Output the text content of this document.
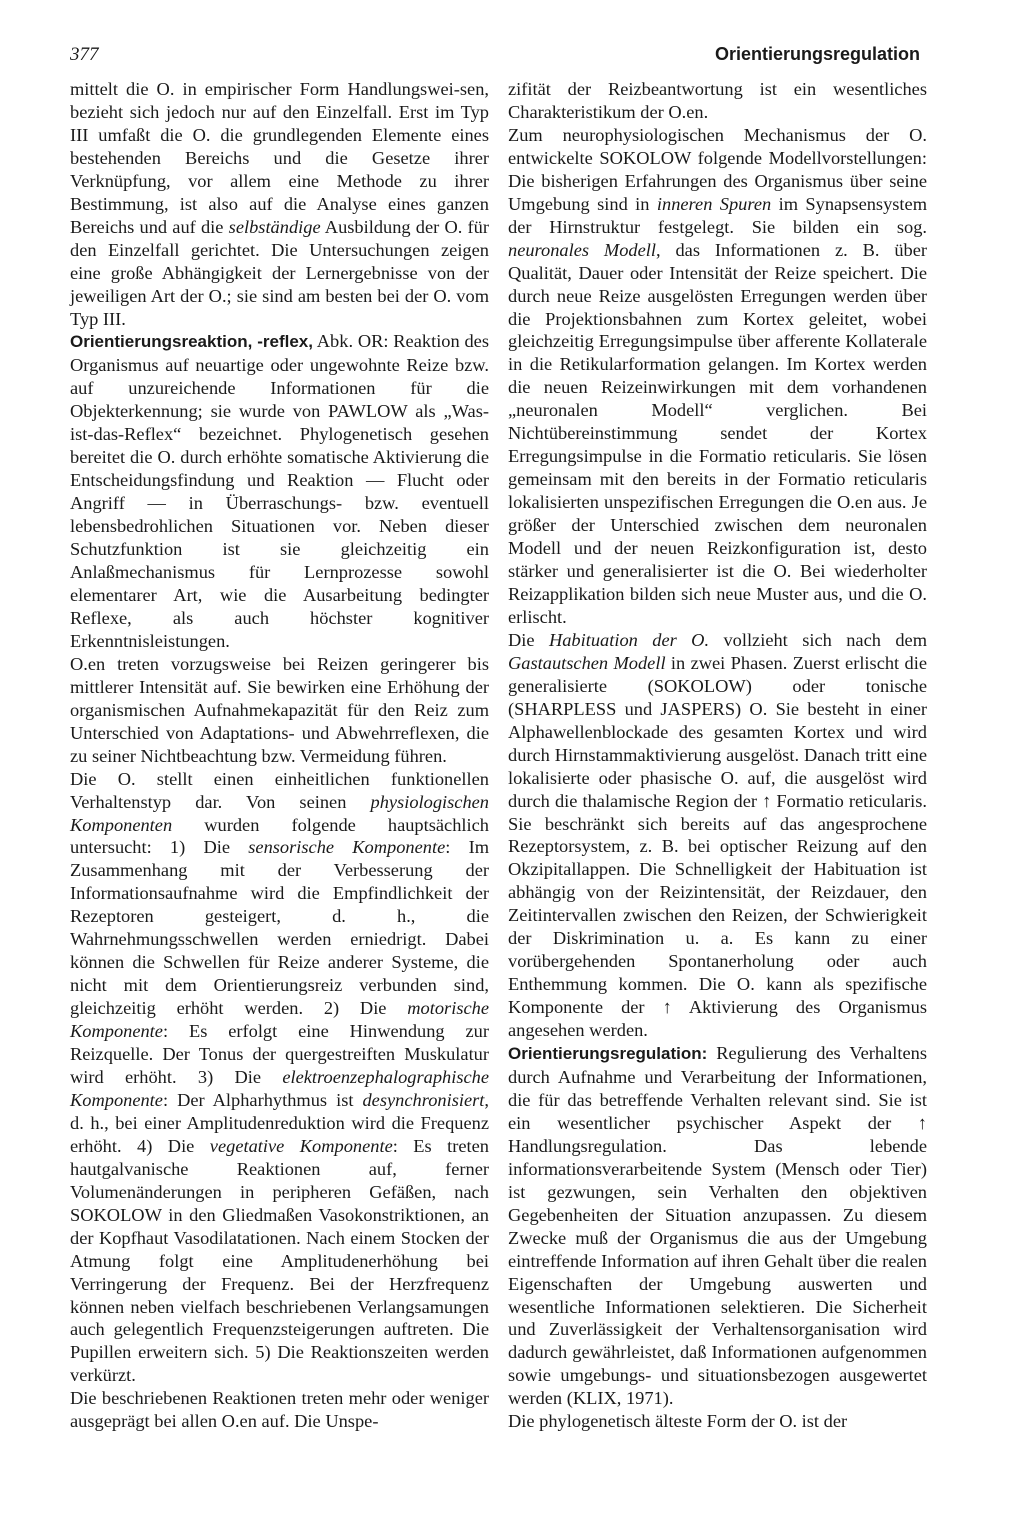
377	Orientierungsregulation

mittelt die O. in empirischer Form Handlungswei-sen, bezieht sich jedoch nur auf den Einzelfall. Erst im Typ III umfaßt die O. die grundlegenden Elemente eines bestehenden Bereichs und die Gesetze ihrer Verknüpfung, vor allem eine Methode zu ihrer Bestimmung, ist also auf die Analyse eines ganzen Bereichs und auf die selbständige Ausbildung der O. für den Einzelfall gerichtet. Die Untersuchungen zeigen eine große Abhängigkeit der Lernergebnisse von der jeweiligen Art der O.; sie sind am besten bei der O. vom Typ III.

Orientierungsreaktion, -reflex, Abk. OR: Reaktion des Organismus auf neuartige oder ungewohnte Reize bzw. auf unzureichende Informationen für die Objekterkennung; sie wurde von PAWLOW als „Was-ist-das-Reflex“ bezeichnet. Phylogenetisch gesehen bereitet die O. durch erhöhte somatische Aktivierung die Entscheidungsfindung und Reaktion — Flucht oder Angriff — in Überraschungs- bzw. eventuell lebensbedrohlichen Situationen vor. Neben dieser Schutzfunktion ist sie gleichzeitig ein Anlaßmechanismus für Lernprozesse sowohl elementarer Art, wie die Ausarbeitung bedingter Reflexe, als auch höchster kognitiver Erkenntnisleistungen.

O.en treten vorzugsweise bei Reizen geringerer bis mittlerer Intensität auf. Sie bewirken eine Erhöhung der organismischen Aufnahmekapazität für den Reiz zum Unterschied von Adaptations- und Abwehrreflexen, die zu seiner Nichtbeachtung bzw. Vermeidung führen.

Die O. stellt einen einheitlichen funktionellen Verhaltenstyp dar. Von seinen physiologischen Komponenten wurden folgende hauptsächlich untersucht: 1) Die sensorische Komponente: Im Zusammenhang mit der Verbesserung der Informationsaufnahme wird die Empfindlichkeit der Rezeptoren gesteigert, d. h., die Wahrnehmungsschwellen werden erniedrigt. Dabei können die Schwellen für Reize anderer Systeme, die nicht mit dem Orientierungsreiz verbunden sind, gleichzeitig erhöht werden. 2) Die motorische Komponente: Es erfolgt eine Hinwendung zur Reizquelle. Der Tonus der quergestreiften Muskulatur wird erhöht. 3) Die elektroenzephalographische Komponente: Der Alpharhythmus ist desynchronisiert, d. h., bei einer Amplitudenreduktion wird die Frequenz erhöht. 4) Die vegetative Komponente: Es treten hautgalvanische Reaktionen auf, ferner Volumenänderungen in peripheren Gefäßen, nach SOKOLOW in den Gliedmaßen Vasokonstriktionen, an der Kopfhaut Vasodilatationen. Nach einem Stocken der Atmung folgt eine Amplitudenerhöhung bei Verringerung der Frequenz. Bei der Herzfrequenz können neben vielfach beschriebenen Verlangsamungen auch gelegentlich Frequenzsteigerungen auftreten. Die Pupillen erweitern sich. 5) Die Reaktionszeiten werden verkürzt.

Die beschriebenen Reaktionen treten mehr oder weniger ausgeprägt bei allen O.en auf. Die Unspe-

zifität der Reizbeantwortung ist ein wesentliches Charakteristikum der O.en.

Zum neurophysiologischen Mechanismus der O. entwickelte SOKOLOW folgende Modellvorstellungen: Die bisherigen Erfahrungen des Organismus über seine Umgebung sind in inneren Spuren im Synapsensystem der Hirnstruktur festgelegt. Sie bilden ein sog. neuronales Modell, das Informationen z. B. über Qualität, Dauer oder Intensität der Reize speichert. Die durch neue Reize ausgelösten Erregungen werden über die Projektionsbahnen zum Kortex geleitet, wobei gleichzeitig Erregungsimpulse über afferente Kollaterale in die Retikularformation gelangen. Im Kortex werden die neuen Reizeinwirkungen mit dem vorhandenen „neuronalen Modell“ verglichen. Bei Nichtübereinstimmung sendet der Kortex Erregungsimpulse in die Formatio reticularis. Sie lösen gemeinsam mit den bereits in der Formatio reticularis lokalisierten unspezifischen Erregungen die O.en aus. Je größer der Unterschied zwischen dem neuronalen Modell und der neuen Reizkonfiguration ist, desto stärker und generalisierter ist die O. Bei wiederholter Reizapplikation bilden sich neue Muster aus, und die O. erlischt.

Die Habituation der O. vollzieht sich nach dem Gastautschen Modell in zwei Phasen. Zuerst erlischt die generalisierte (SOKOLOW) oder tonische (SHARPLESS und JASPERS) O. Sie besteht in einer Alphawellenblockade des gesamten Kortex und wird durch Hirnstammaktivierung ausgelöst. Danach tritt eine lokalisierte oder phasische O. auf, die ausgelöst wird durch die thalamische Region der ↑ Formatio reticularis. Sie beschränkt sich bereits auf das angesprochene Rezeptorsystem, z. B. bei optischer Reizung auf den Okzipitallappen. Die Schnelligkeit der Habituation ist abhängig von der Reizintensität, der Reizdauer, den Zeitintervallen zwischen den Reizen, der Schwierigkeit der Diskrimination u. a. Es kann zu einer vorübergehenden Spontanerholung oder auch Enthemmung kommen. Die O. kann als spezifische Komponente der ↑ Aktivierung des Organismus angesehen werden.

Orientierungsregulation: Regulierung des Verhaltens durch Aufnahme und Verarbeitung der Informationen, die für das betreffende Verhalten relevant sind. Sie ist ein wesentlicher psychischer Aspekt der ↑ Handlungsregulation. Das lebende informationsverarbeitende System (Mensch oder Tier) ist gezwungen, sein Verhalten den objektiven Gegebenheiten der Situation anzupassen. Zu diesem Zwecke muß der Organismus die aus der Umgebung eintreffende Information auf ihren Gehalt über die realen Eigenschaften der Umgebung auswerten und wesentliche Informationen selektieren. Die Sicherheit und Zuverlässigkeit der Verhaltensorganisation wird dadurch gewährleistet, daß Informationen aufgenommen sowie umgebungs- und situationsbezogen ausgewertet werden (KLIX, 1971).

Die phylogenetisch älteste Form der O. ist der
